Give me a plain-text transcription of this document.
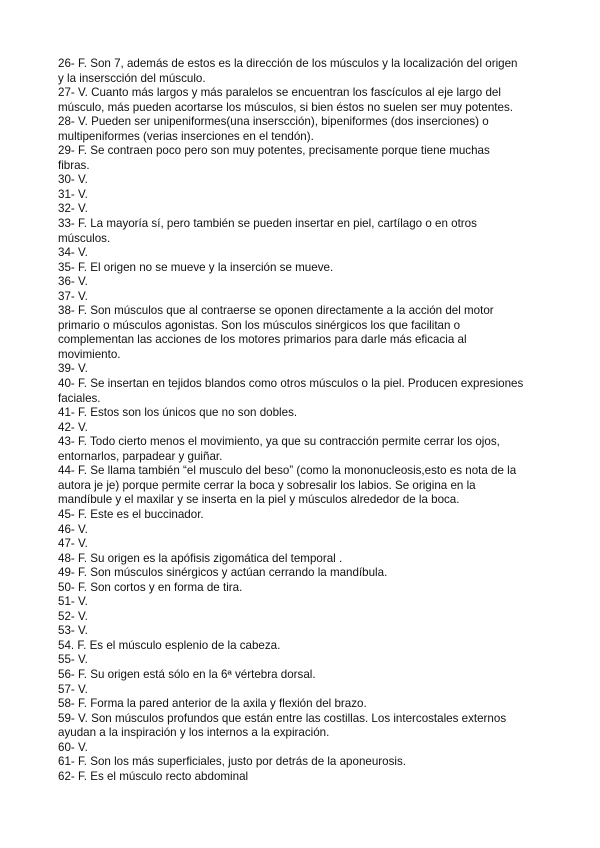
26- F. Son 7, además de estos es la dirección de los músculos y la localización del origen
y la inserscción del músculo.
27- V. Cuanto más largos y más paralelos se encuentran los fascículos al eje largo del
músculo, más pueden acortarse los músculos, si bien éstos no suelen ser muy potentes.
28- V. Pueden ser unipeniformes(una inserscción), bipeniformes (dos inserciones) o
multipeniformes (verias inserciones en el tendón).
29- F. Se contraen poco pero son muy potentes, precisamente porque tiene muchas
fibras.
30- V.
31- V.
32- V.
33- F. La mayoría sí, pero también se pueden insertar en piel, cartílago o en otros
músculos.
34- V.
35- F. El origen no se mueve y la inserción se mueve.
36- V.
37- V.
38- F. Son músculos que al contraerse se oponen directamente a la acción del motor
primario o músculos agonistas. Son los músculos sinérgicos los que facilitan o
complementan las acciones de los motores primarios para darle más eficacia al
movimiento.
39- V.
40- F. Se insertan en tejidos blandos como otros músculos o la piel. Producen expresiones
faciales.
41- F. Estos son los únicos que no son dobles.
42- V.
43- F. Todo cierto menos el movimiento, ya que su contracción permite cerrar los ojos,
entornarlos, parpadear y guiñar.
44- F. Se llama también “el musculo del beso” (como la mononucleosis,esto es nota de la
autora je je) porque permite cerrar la boca y sobresalir los labios. Se origina en la
mandíbule y el maxilar y se inserta en la piel y músculos alrededor de la boca.
45- F. Este es el buccinador.
46- V.
47- V.
48- F. Su origen es la apófisis zigomática del temporal .
49- F. Son músculos sinérgicos y actúan cerrando la mandíbula.
50- F. Son cortos y en forma de tira.
51- V.
52- V.
53- V.
54. F. Es el músculo esplenio de la cabeza.
55- V.
56- F. Su origen está sólo en la 6ª vértebra dorsal.
57- V.
58- F. Forma la pared anterior de la axila y flexión del brazo.
59- V. Son músculos profundos que están entre las costillas. Los intercostales externos
ayudan a la inspiración y los internos a la expiración.
60- V.
61- F. Son los más superficiales, justo por detrás de la aponeurosis.
62- F. Es el músculo recto abdominal
